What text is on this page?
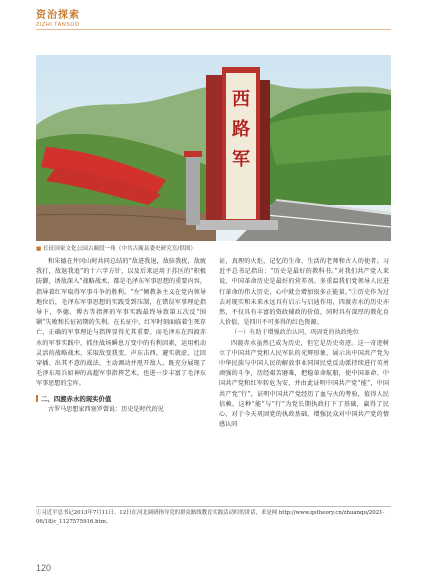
资治探索
ZIZHI TANSUO
西
路
军
■ 长征国家文化公园古蔺段一角（中共古蔺县委史研究室/供图）

和朱德在井冈山时共同总结的“敌进我退，敌驻我扰，敌疲我打，敌退我追”的十六字方针，以及后来运用于苏区的“积极防御，诱敌深入”战略战术，都是毛泽东军事思想的重要内容，指导着红军取得军事斗争的胜利。“左”倾教条主义在党内领导地位后，毛泽东军事思想的实践受到压制，在错误军事理论指导下，李德、博古等指挥的军事实践最终导致第五次反“围剿”失败和长征初期的失利。在长征中，红军时刻面临着生死存亡，正确的军事理论与指挥显得尤其重要。而毛泽东在四渡赤水的军事实践中，抓住战场瞬息万变中的有利因素，运用机动灵活的战略战术，采取敌变我变、声东击西、避实就虚、迂回穿插、出其不意的战法，主动调动并甩开敌人，既充分展现了毛泽东用兵如神的高超军事指挥艺术，也进一步丰富了毛泽东军事思想的宝库。

二、四渡赤水的现实价值

古罗马思想家西塞罗曾说：历史是时代的见

证，真理的火炬，记忆的生命，生活的老师和古人的使者。习近平总书记指出：“历史是最好的教科书。”对我们共产党人来说，中国革命历史是最好的营养剂。多重温我们党领导人民进行革命的伟大历史，心中就会增加很多正能量。”①历史作为过去对现实和未来永远具有启示与启迪作用，四渡赤水的历史亦然，不仅具有丰富的资政辅政的价值，同时具有深厚的教化育人价值，是四川不可多得的红色资源。

（一）有助于增强政治认同，巩固党的执政地位

四渡赤水虽然已成为历史，但它是历史奇迹。这一奇迹树立了中国共产党和人民军队的光辉形象，展示出中国共产党为中华民族与中国人民的解放事业同国民党反动派持续进行英勇顽强的斗争，历经艰苦磨难，把稳革命航船，使中国革命、中国共产党和红军转危为安，并由此证明中国共产党“能”，中国共产党“行”，证明中国共产党经历了血与火的考验，值得人民信赖。这种“能”与“行”为党长期执政打下了基础，赢得了民心，对于今天巩固党的执政基础、增强民众对中国共产党的情感认同

①习近平总书记2013年7月11日、12日在河北调研指导党的群众路线教育实践活动时的讲话，求是网 http://www.qstheory.cn/zhuanqu/2021-06/18/c_1127575916.htm。
120
